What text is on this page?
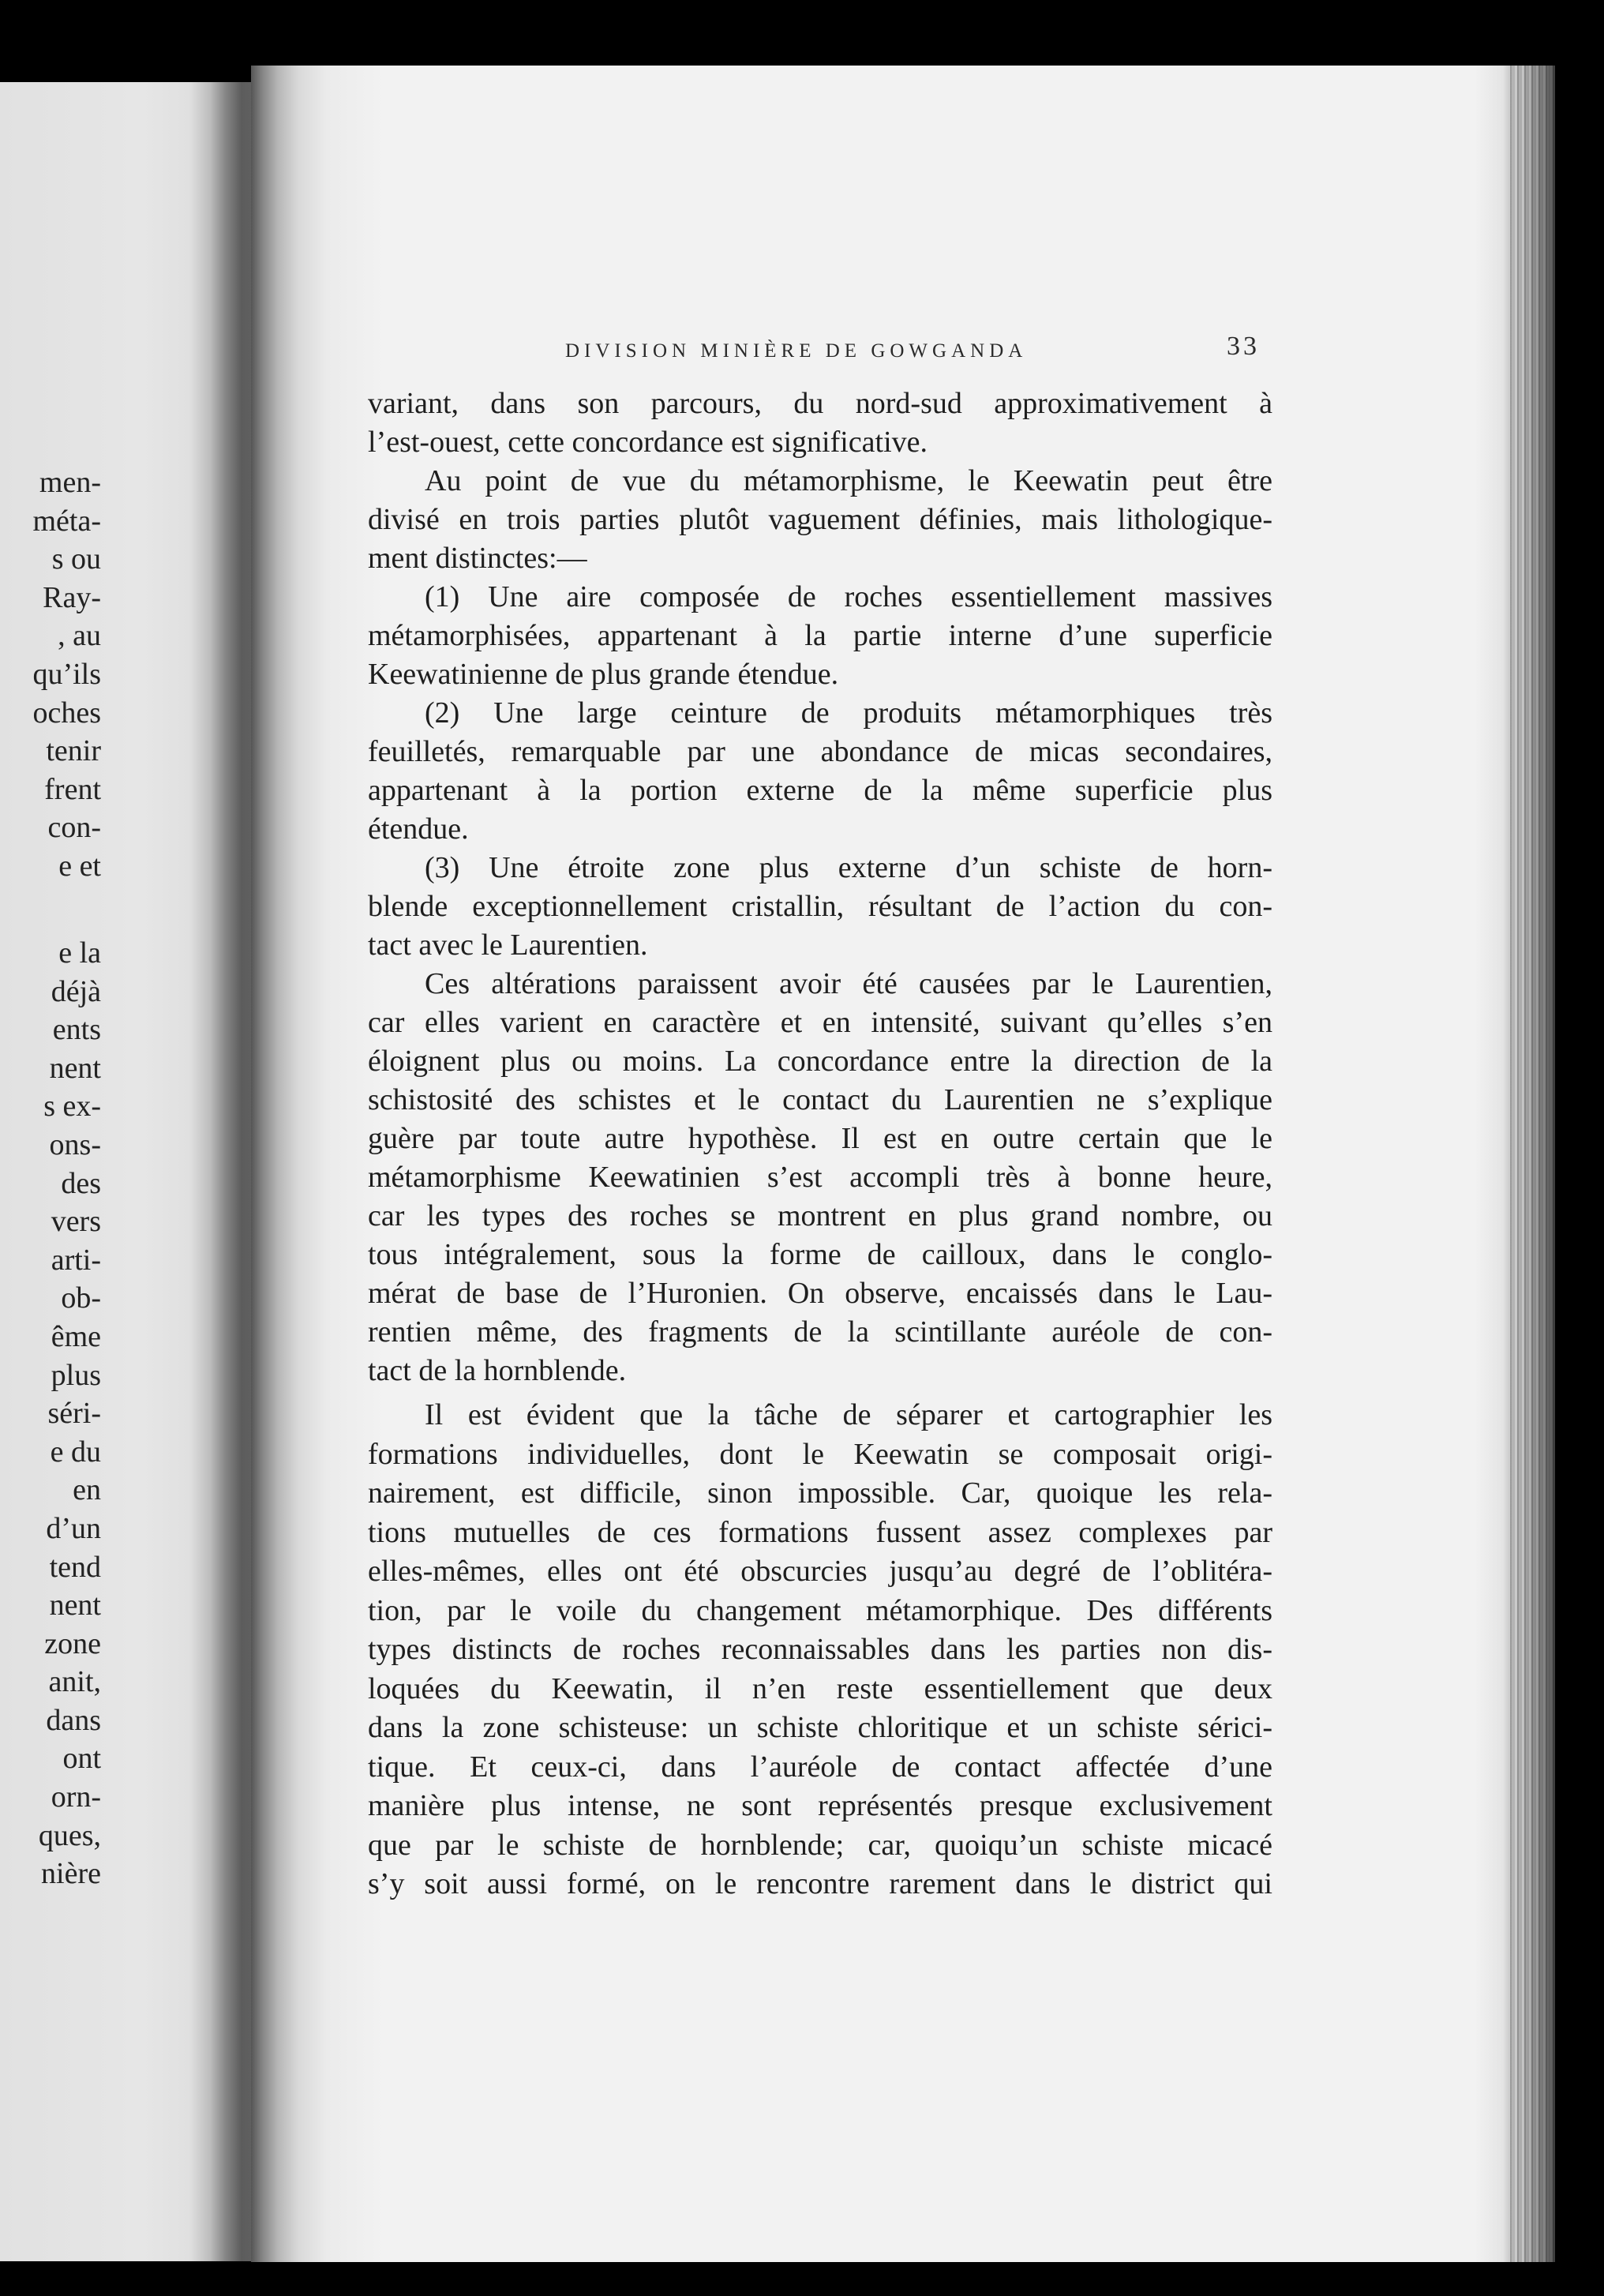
men-
méta-
s ou
Ray-
, au
qu’ils
oches
tenir
frent
con-
e et
e la
déjà
ents
nent
s ex-
ons-
des
vers
arti-
ob-
ême
plus
séri-
e du
en
d’un
tend
nent
zone
anit,
dans
ont
orn-
ques,
nière
DIVISION MINIÈRE DE GOWGANDA	33
variant, dans son parcours, du nord-sud approximativement à
l’est-ouest, cette concordance est significative.
Au point de vue du métamorphisme, le Keewatin peut être
divisé en trois parties plutôt vaguement définies, mais lithologique-
ment distinctes:—
(1) Une aire composée de roches essentiellement massives
métamorphisées, appartenant à la partie interne d’une superficie
Keewatinienne de plus grande étendue.
(2) Une large ceinture de produits métamorphiques très
feuilletés, remarquable par une abondance de micas secondaires,
appartenant à la portion externe de la même superficie plus
étendue.
(3) Une étroite zone plus externe d’un schiste de horn-
blende exceptionnellement cristallin, résultant de l’action du con-
tact avec le Laurentien.
Ces altérations paraissent avoir été causées par le Laurentien,
car elles varient en caractère et en intensité, suivant qu’elles s’en
éloignent plus ou moins. La concordance entre la direction de la
schistosité des schistes et le contact du Laurentien ne s’explique
guère par toute autre hypothèse. Il est en outre certain que le
métamorphisme Keewatinien s’est accompli très à bonne heure,
car les types des roches se montrent en plus grand nombre, ou
tous intégralement, sous la forme de cailloux, dans le conglo-
mérat de base de l’Huronien. On observe, encaissés dans le Lau-
rentien même, des fragments de la scintillante auréole de con-
tact de la hornblende.
Il est évident que la tâche de séparer et cartographier les
formations individuelles, dont le Keewatin se composait origi-
nairement, est difficile, sinon impossible. Car, quoique les rela-
tions mutuelles de ces formations fussent assez complexes par
elles-mêmes, elles ont été obscurcies jusqu’au degré de l’oblitéra-
tion, par le voile du changement métamorphique. Des différents
types distincts de roches reconnaissables dans les parties non dis-
loquées du Keewatin, il n’en reste essentiellement que deux
dans la zone schisteuse: un schiste chloritique et un schiste sérici-
tique. Et ceux-ci, dans l’auréole de contact affectée d’une
manière plus intense, ne sont représentés presque exclusivement
que par le schiste de hornblende; car, quoiqu’un schiste micacé
s’y soit aussi formé, on le rencontre rarement dans le district qui
